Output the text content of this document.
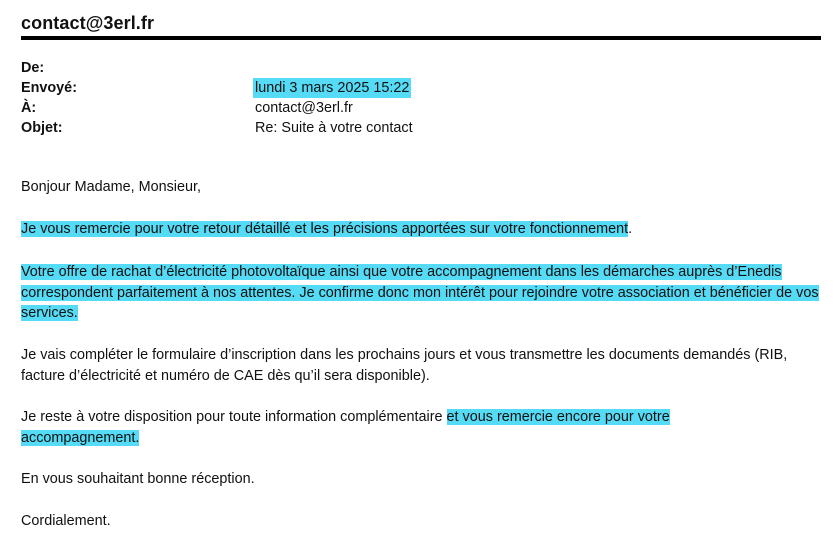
contact@3erl.fr
De:
Envoyé:	lundi 3 mars 2025 15:22
À:	contact@3erl.fr
Objet:	Re: Suite à votre contact

Bonjour Madame, Monsieur,

Je vous remercie pour votre retour détaillé et les précisions apportées sur votre fonctionnement.

Votre offre de rachat d’électricité photovoltaïque ainsi que votre accompagnement dans les démarches auprès d’Enedis correspondent parfaitement à nos attentes. Je confirme donc mon intérêt pour rejoindre votre association et bénéficier de vos services.

Je vais compléter le formulaire d’inscription dans les prochains jours et vous transmettre les documents demandés (RIB, facture d’électricité et numéro de CAE dès qu’il sera disponible).

Je reste à votre disposition pour toute information complémentaire et vous remercie encore pour votre accompagnement.

En vous souhaitant bonne réception.

Cordialement.
